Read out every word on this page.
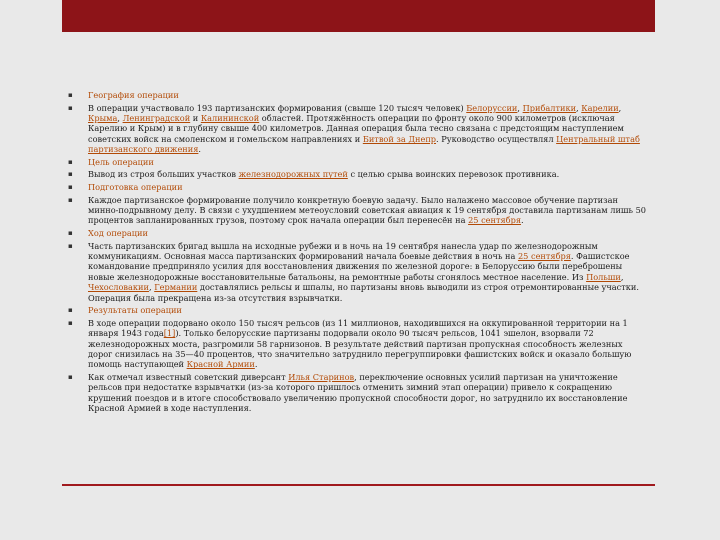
▪ География операции
▪ В операции участвовало 193 партизанских формирования (свыше 120 тысяч человек) Белоруссии, Прибалтики, Карелии, Крыма, Ленинградской и Калининской областей. Протяжённость операции по фронту около 900 километров (исключая Карелию и Крым) и в глубину свыше 400 километров. Данная операция была тесно связана с предстоящим наступлением советских войск на смоленском и гомельском направлениях и Битвой за Днепр. Руководство осуществлял Центральный штаб партизанского движения.
▪ Цель операции
▪ Вывод из строя больших участков железнодорожных путей с целью срыва воинских перевозок противника.
▪ Подготовка операции
▪ Каждое партизанское формирование получило конкретную боевую задачу. Было налажено массовое обучение партизан минно-подрывному делу. В связи с ухудшением метеоусловий советская авиация к 19 сентября доставила партизанам лишь 50 процентов запланированных грузов, поэтому срок начала операции был перенесён на 25 сентября.
▪ Ход операции
▪ Часть партизанских бригад вышла на исходные рубежи и в ночь на 19 сентября нанесла удар по железнодорожным коммуникациям. Основная масса партизанских формирований начала боевые действия в ночь на 25 сентября. Фашистское командование предприняло усилия для восстановления движения по железной дороге: в Белоруссию были переброшены новые железнодорожные восстановительные батальоны, на ремонтные работы сгонялось местное население. Из Польши, Чехословакии, Германии доставлялись рельсы и шпалы, но партизаны вновь выводили из строя отремонтированные участки. Операция была прекращена из-за отсутствия взрывчатки.
▪ Результаты операции
▪ В ходе операции подорвано около 150 тысяч рельсов (из 11 миллионов, находившихся на оккупированной территории на 1 января 1943 года[1]). Только белорусские партизаны подорвали около 90 тысяч рельсов, 1041 эшелон, взорвали 72 железнодорожных моста, разгромили 58 гарнизонов. В результате действий партизан пропускная способность железных дорог снизилась на 35—40 процентов, что значительно затруднило перегруппировки фашистских войск и оказало большую помощь наступающей Красной Армии.
▪ Как отмечал известный советский диверсант Илья Старинов, переключение основных усилий партизан на уничтожение рельсов при недостатке взрывчатки (из-за которого пришлось отменить зимний этап операции) привело к сокращению крушений поездов и в итоге способствовало увеличению пропускной способности дорог, но затруднило их восстановление Красной Армией в ходе наступления.
